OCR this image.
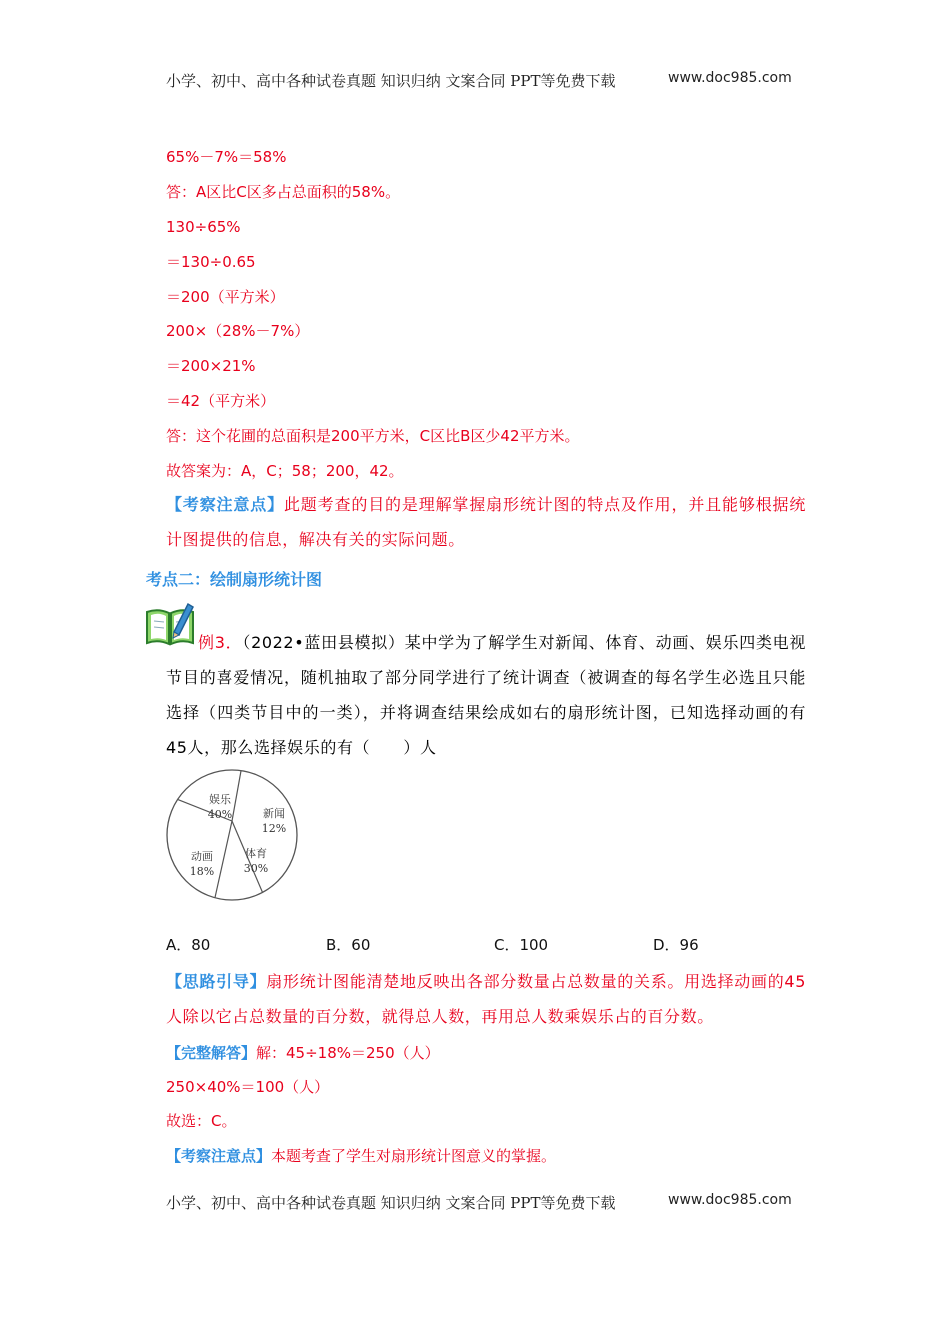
小学、初中、高中各种试卷真题 知识归纳 文案合同 PPT等免费下载	www.doc985.com
65%－7%＝58%
答：A区比C区多占总面积的58%。
130÷65%
＝130÷0.65
＝200（平方米）
200×（28%－7%）
＝200×21%
＝42（平方米）
答：这个花圃的总面积是200平方米，C区比B区少42平方米。
故答案为：A，C；58；200，42。
【考察注意点】此题考查的目的是理解掌握扇形统计图的特点及作用，并且能够根据统计图提供的信息，解决有关的实际问题。
考点二：绘制扇形统计图
例3．（2022•蓝田县模拟）某中学为了解学生对新闻、体育、动画、娱乐四类电视节目的喜爱情况，随机抽取了部分同学进行了统计调查（被调查的每名学生必选且只能选择（四类节目中的一类），并将调查结果绘成如右的扇形统计图，已知选择动画的有45人，那么选择娱乐的有（　　）人
娱乐
40%	新闻
12%
体育
30%
动画
18%
A．80	B．60	C．100	D．96
【思路引导】扇形统计图能清楚地反映出各部分数量占总数量的关系。用选择动画的45人除以它占总数量的百分数，就得总人数，再用总人数乘娱乐占的百分数。
【完整解答】解：45÷18%＝250（人）
250×40%＝100（人）
故选：C。
【考察注意点】本题考查了学生对扇形统计图意义的掌握。
小学、初中、高中各种试卷真题 知识归纳 文案合同 PPT等免费下载	www.doc985.com
